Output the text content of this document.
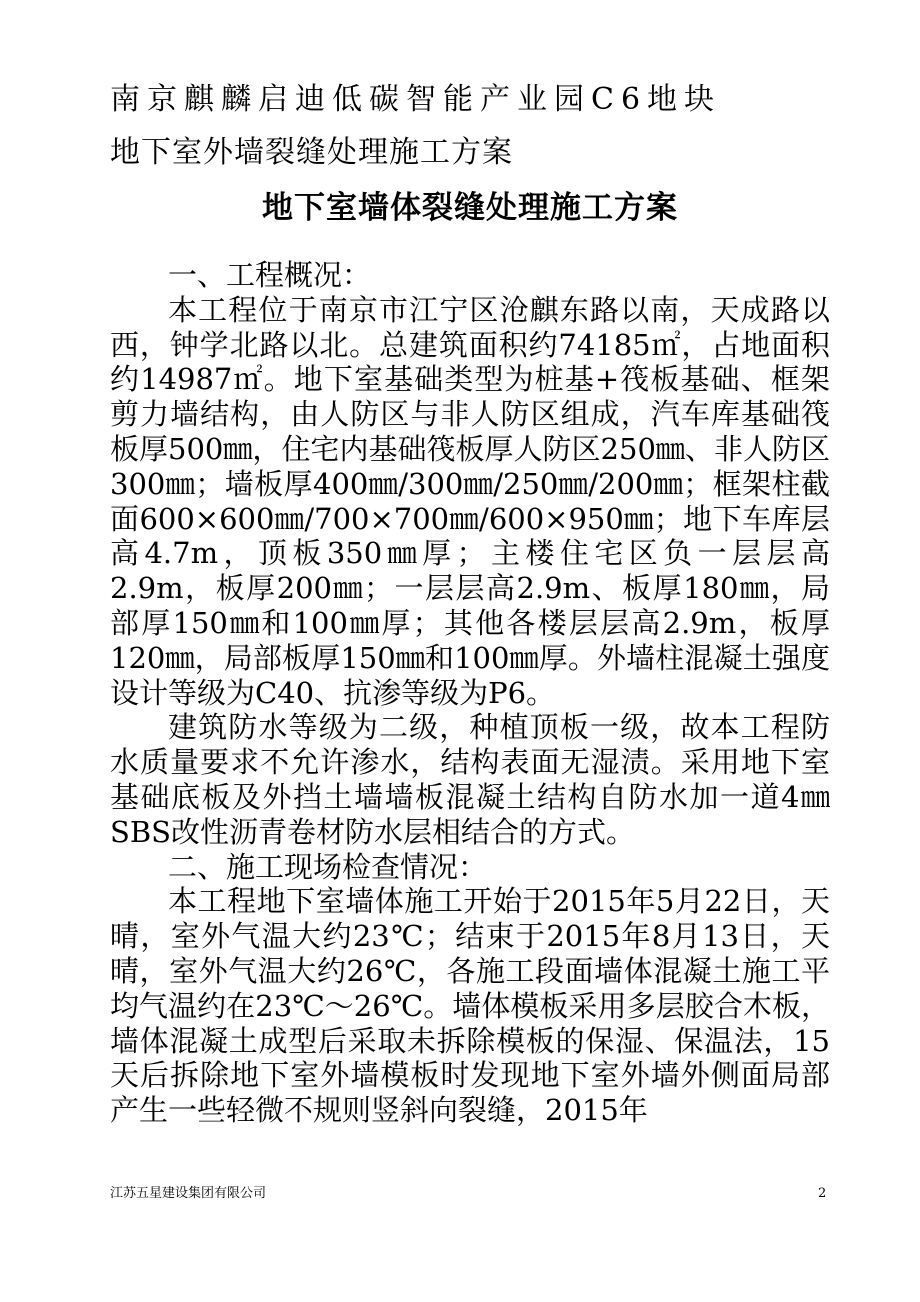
南京麒麟启迪低碳智能产业园C6地块
地下室外墙裂缝处理施工方案
地下室墙体裂缝处理施工方案

一、工程概况：

本工程位于南京市江宁区沧麒东路以南，天成路以西，钟学北路以北。总建筑面积约74185㎡，占地面积约14987㎡。地下室基础类型为桩基+筏板基础、框架剪力墙结构，由人防区与非人防区组成，汽车库基础筏板厚500㎜，住宅内基础筏板厚人防区250㎜、非人防区300㎜；墙板厚400㎜/300㎜/250㎜/200㎜；框架柱截面600×600㎜/700×700㎜/600×950㎜；地下车库层高4.7m，顶板350㎜厚；主楼住宅区负一层层高2.9m，板厚200㎜；一层层高2.9m、板厚180㎜，局部厚150㎜和100㎜厚；其他各楼层层高2.9m，板厚120㎜，局部板厚150㎜和100㎜厚。外墙柱混凝土强度设计等级为C40、抗渗等级为P6。

建筑防水等级为二级，种植顶板一级，故本工程防水质量要求不允许渗水，结构表面无湿渍。采用地下室基础底板及外挡土墙墙板混凝土结构自防水加一道4㎜SBS改性沥青卷材防水层相结合的方式。

二、施工现场检查情况：

本工程地下室墙体施工开始于2015年5月22日，天晴，室外气温大约23℃；结束于2015年8月13日，天晴，室外气温大约26℃，各施工段面墙体混凝土施工平均气温约在23℃～26℃。墙体模板采用多层胶合木板，墙体混凝土成型后采取未拆除模板的保湿、保温法，15天后拆除地下室外墙模板时发现地下室外墙外侧面局部产生一些轻微不规则竖斜向裂缝，2015年

江苏五星建设集团有限公司	2
